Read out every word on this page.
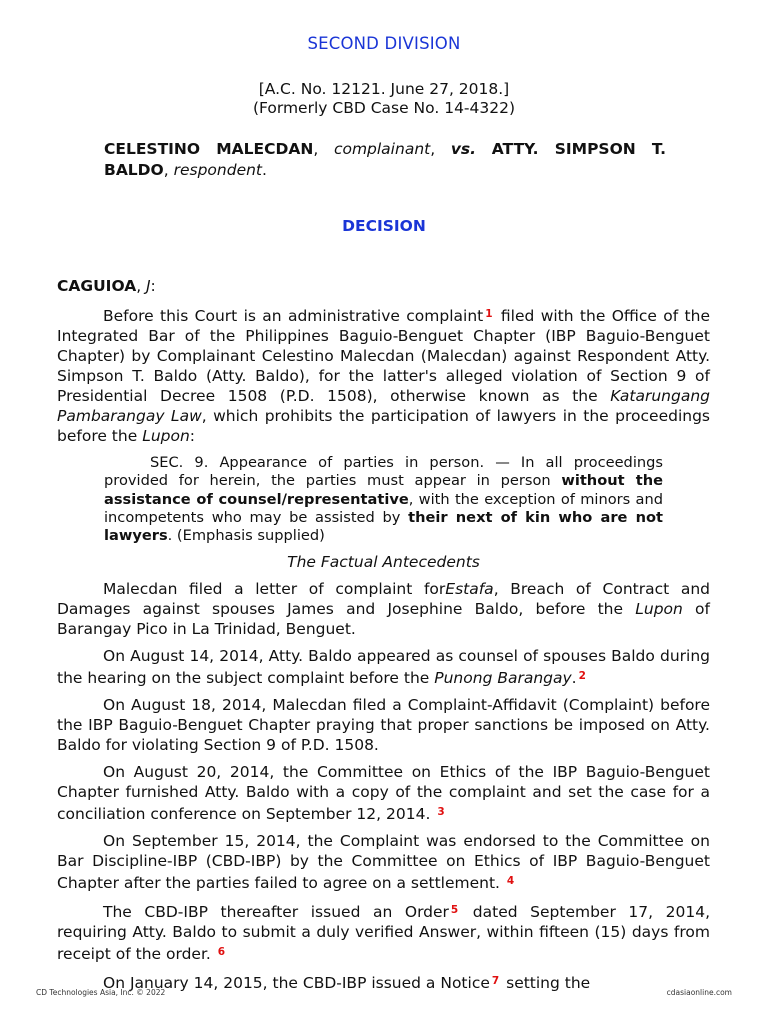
SECOND DIVISION
[A.C. No. 12121. June 27, 2018.]
(Formerly CBD Case No. 14-4322)
CELESTINO MALECDAN, complainant, vs. ATTY. SIMPSON T. BALDO, respondent.
DECISION

CAGUIOA, J:

Before this Court is an administrative complaint $^1$ filed with the Office of the Integrated Bar of the Philippines Baguio-Benguet Chapter (IBP Baguio-Benguet Chapter) by Complainant Celestino Malecdan (Malecdan) against Respondent Atty. Simpson T. Baldo (Atty. Baldo), for the latter's alleged violation of Section 9 of Presidential Decree 1508 (P.D. 1508), otherwise known as the Katarungang Pambarangay Law, which prohibits the participation of lawyers in the proceedings before the Lupon:

SEC. 9. Appearance of parties in person. — In all proceedings provided for herein, the parties must appear in person without the assistance of counsel/representative, with the exception of minors and incompetents who may be assisted by their next of kin who are not lawyers. (Emphasis supplied)

The Factual Antecedents

Malecdan filed a letter of complaint forEstafa, Breach of Contract and Damages against spouses James and Josephine Baldo, before the Lupon of Barangay Pico in La Trinidad, Benguet.

On August 14, 2014, Atty. Baldo appeared as counsel of spouses Baldo during the hearing on the subject complaint before the Punong Barangay. $^2$

On August 18, 2014, Malecdan filed a Complaint-Affidavit (Complaint) before the IBP Baguio-Benguet Chapter praying that proper sanctions be imposed on Atty. Baldo for violating Section 9 of P.D. 1508.

On August 20, 2014, the Committee on Ethics of the IBP Baguio-Benguet Chapter furnished Atty. Baldo with a copy of the complaint and set the case for a conciliation conference on September 12, 2014. $^3$

On September 15, 2014, the Complaint was endorsed to the Committee on Bar Discipline-IBP (CBD-IBP) by the Committee on Ethics of IBP Baguio-Benguet Chapter after the parties failed to agree on a settlement. $^4$

The CBD-IBP thereafter issued an Order $^5$ dated September 17, 2014, requiring Atty. Baldo to submit a duly verified Answer, within fifteen (15) days from receipt of the order. $^6$

On January 14, 2015, the CBD-IBP issued a Notice $^7$ setting the

CD Technologies Asia, Inc. © 2022	cdasiaonline.com
